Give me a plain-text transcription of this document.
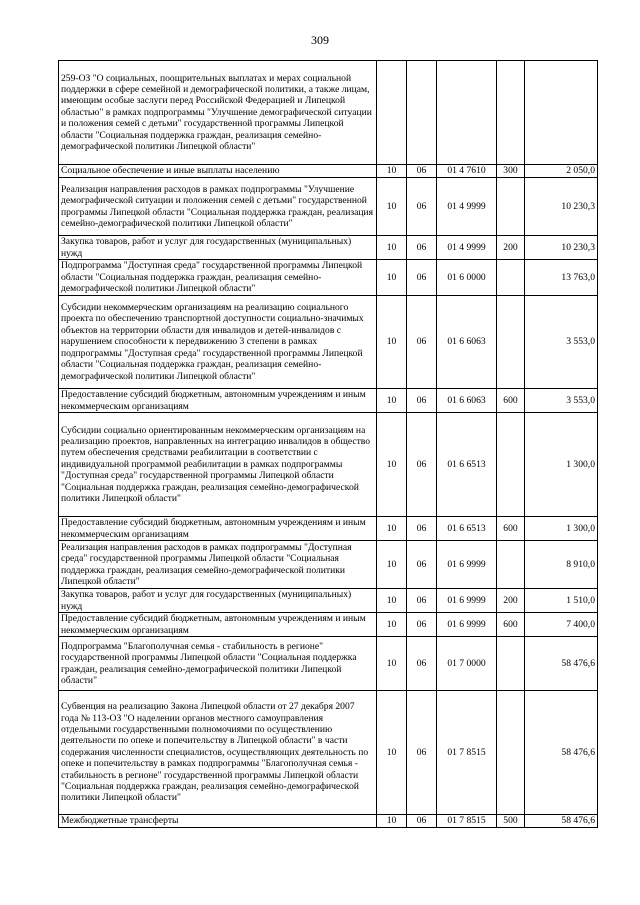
309
259-ОЗ "О социальных, поощрительных выплатах и мерах социальной поддержки в сфере семейной и демографической политики, а также лицам, имеющим особые заслуги перед Российской Федерацией и Липецкой областью" в рамках подпрограммы "Улучшение демографической ситуации и положения семей с детьми" государственной программы Липецкой области "Социальная поддержка граждан, реализация семейно-демографической политики Липецкой области"					
Социальное обеспечение и иные выплаты населению	10	06	01 4 7610	300	2 050,0
Реализация направления расходов в рамках подпрограммы "Улучшение демографической ситуации и положения семей с детьми" государственной программы Липецкой области "Социальная поддержка граждан, реализация семейно-демографической политики Липецкой области"	10	06	01 4 9999		10 230,3
Закупка товаров, работ и услуг для государственных (муниципальных) нужд	10	06	01 4 9999	200	10 230,3
Подпрограмма "Доступная среда" государственной программы Липецкой области "Социальная поддержка граждан, реализация семейно-демографической политики Липецкой области"	10	06	01 6 0000		13 763,0
Субсидии некоммерческим организациям на реализацию социального проекта по обеспечению транспортной доступности социально-значимых объектов на территории области для инвалидов и детей-инвалидов с нарушением способности к передвижению 3 степени в рамках подпрограммы "Доступная среда" государственной программы Липецкой области "Социальная поддержка граждан, реализация семейно-демографической политики Липецкой области"	10	06	01 6 6063		3 553,0
Предоставление субсидий бюджетным, автономным учреждениям и иным некоммерческим организациям	10	06	01 6 6063	600	3 553,0
Субсидии социально ориентированным некоммерческим организациям на реализацию проектов, направленных на интеграцию инвалидов в общество путем обеспечения средствами реабилитации в соответствии с индивидуальной программой реабилитации в рамках подпрограммы "Доступная среда" государственной программы Липецкой области "Социальная поддержка граждан, реализация семейно-демографической политики Липецкой области"	10	06	01 6 6513		1 300,0
Предоставление субсидий бюджетным, автономным учреждениям и иным некоммерческим организациям	10	06	01 6 6513	600	1 300,0
Реализация направления расходов в рамках подпрограммы "Доступная среда" государственной программы Липецкой области "Социальная поддержка граждан, реализация семейно-демографической политики Липецкой области"	10	06	01 6 9999		8 910,0
Закупка товаров, работ и услуг для государственных (муниципальных) нужд	10	06	01 6 9999	200	1 510,0
Предоставление субсидий бюджетным, автономным учреждениям и иным некоммерческим организациям	10	06	01 6 9999	600	7 400,0
Подпрограмма "Благополучная семья - стабильность в регионе" государственной программы Липецкой области "Социальная поддержка граждан, реализация семейно-демографической политики Липецкой области"	10	06	01 7 0000		58 476,6
Субвенция на реализацию Закона Липецкой области от 27 декабря 2007 года № 113-ОЗ "О наделении органов местного самоуправления отдельными государственными полномочиями по осуществлению деятельности по опеке и попечительству в Липецкой области" в части содержания численности специалистов, осуществляющих деятельность по опеке и попечительству в рамках подпрограммы "Благополучная семья - стабильность в регионе" государственной программы Липецкой области "Социальная поддержка граждан, реализация семейно-демографической политики Липецкой области"	10	06	01 7 8515		58 476,6
Межбюджетные трансферты	10	06	01 7 8515	500	58 476,6
